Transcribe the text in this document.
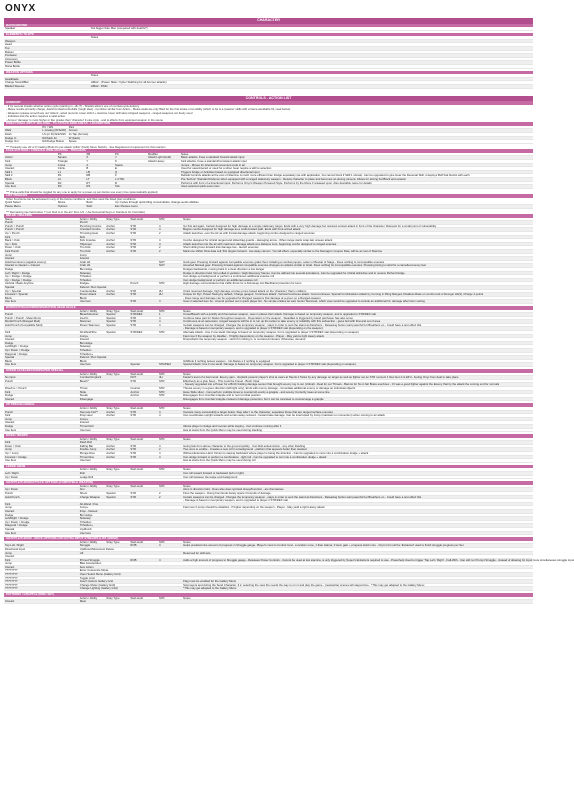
ONYX
CHARACTER
BACKGROUND
Speaker	Not bigger than Mac (compared with deaths?)
ELEMENTS / SLOTS
Notes
Weapon
Head
Top
Bottom
Footwear
Accessory
Power Bottle
Mana Bottle
WEAPON OPTIONS
Notes
Headblade
Charge Sword/Blal	HMA2 - (Power Slide / Cyber Stabbing for all Armour attacks)
Bladed Sleeves	HMA2 - DMG
CONTROLS - ACTION LIST
SUMMARY
- If for several shields whether action cycle (starting in ~3k (?) - Shields allow it one of combat-cycle delivery
- Melee results primarily charge, dash/combat/combo/kills (rough idea) - Combine similar from Action - Melee weak are only filled for the first stroke of an ability (which to be is a 'passive' skills with a frame-decidable hit, read below)
- Weapons release smooth are not 'sliders', acted (summit, lower skill 2 + stamina, lower skill also) stripped weapons - ranged weapons not freely used
- Indicates that the action requires a valid active
- Armour 'damage' is most higher or like grades than 'character' if-else style - and is affects from equipped weapon in the scene
DIRECTIONAL INPUT: WALKING - TO ATTACK BIND AREAS - LOCOMOTION
PC / WS	Pad
Walk	L-Analog (W/S/AD) Arrows
Dash	LS (or D) flick/Shift	2x Tap (Arrows)
Dodge In	RA/back for	W (back)
Dodge Out	RA/Dodge Button	Space
*** Tirelessly use LR or D trading (Built-On per-attack 'within' (back) Move Switch) - See Registered of equipment for this reaction
FACE BUTTONS / CONSOLE WIRE-MAPPING - TRIGGERS
PS	XB	PC	Modifier	Notes
Action	Square	X	J	Attack Light (Hold)	Basic attacks. Fuse a standard forward attack input
Kick	Triangle	Y	K	Attack Heavy	Kick attacks. Fuse a standard/Consistent attack input
Jump	Cross	A	Space	Jumps - Moves for directional movement code in air
Interact	Circle	B	E	Used for save/interact or used for a when Gear require a skill to selection
Skill 1	L1	LB	Q	Triggers bridge or Activities based on equipped directional input
Skill 2	R1	RB	F	Default Controls attacks at the cost of Stamina. A much more efficient than Dodge separately (as with application, but cannot block if Skill 1 shows). Can be upgraded to give Gear the Reversal Skill, it deploys Buff that blocks with each
Block	L2	LT	L CTRL	Pre-Technic: Standard Defence when equipped with a ranged stationary weapon - Resets character to place and becomes an aiming camera. Allows for aiming but Block and evasion
Special	R2	RT	R	Performs with front of a directional input. Performs Onyx's Weapon Powered Style. Performs by the Move if released upon. Also desirable name for details
Use Item	R3	RS	Tab	Uses selected quick-menu item
*** Prima-calls that should be toggled for any one to apply for a power-up per-button use every time (automatically applied)
LIST TOGGLES
Other Functions can be accessed in any of the below conditions, and thus used the listed plan conditions
Quick Select	Share	Back	Up Cycles through quick-filing consumables; change-sends abilities
Pause Menu	Options	Start	Esc Pauses menu
*** Remaining use field button ? (not bind to in the arc' then 1/3 - Use Numerical Keys or Numbers for Controller)
MELEE / WALKING
Name	Action / Ability	Stray Type	Start-Hold	STR	Notes
Punch	Punch
Punch > Punch	Punching Combo	Anchor	STR	4	Go first aid again. Certain designed for high damage at a single stationary target. Ends with a very high damage but reduced-contact attack in front of the character. Relevant for a small point of vulnerability
Punch > Punch	Uncoiled Combo	Anchor	STR	4	Begins combo designed for high damage as a multi-forward path. Ends with front-armed attack
Up > Punch	Thrusting Heel	Anchor	STR	2	Attack launches, over the Air as with frontal damage attack, beginning combo designed to ranged enemies
Kick	Kick
Back > Kick	Kick Impulse	Anchor	STR	4	Combo designed for critical ranged and slide/drag guards - damaging arrow - When range starts wrap last unseen attack
Up > Kick	Tiltjumper	Anchor	STR	4	Attack launches into the air with maximum damage attack at a distance zero, beginning combo designed to ranged enemies
Down > Kick	Tiro Kick	Anchor	STR	2	Short Hiding boot-forward kick damage low - launch enemies
Kick Punch	Tiro Kick	Anchor	STR	2	Mark:one shifter thins data cell, 50x targets forward - low-away cannon. You fall effect, especially similar to the Damage's Coupon Raw, will be at cost of Stamina
Jump	Jump
Interact	Interact
Hold Item/ammo (against enemy)	Grab Hit	NOT	Grab gear. Pressing forward against compatible enemies grabs them initiating a combat popups, select or Beside of Stage - Does nothing to incompatible enemies
Interact to interact + Interact	Grab Hit	NOT	Assorted Manual gear. Pressing forward against compatible enemies changes an attacks similar to Grab. Does nothing for incompatible enemies. Pressing timing to Hold for a cancelled enemy feet
Dodge	Burnsidge	Dodges backwards, moving back in a clear direction a low danger
Left / Right > Dodge	Sidestep	Dodge in direction held. Non-rolled-in position / High Recovery frames. Can be utilized into several animations, Can be upgraded for critical Hold-dive and to receive Perfect Dodge
Up > Dodge > Dodge	Trihoiden	Can dodge up background or perform a continuous additional evasive roll
Up > Dodge > Dodge	Trihoiden	Can dodge background or perform an additional evasive roll
Vertical / Bash Anytime	Dodge+	Punch	STR	High damage concentrations that traffic-throw for a bird-sleep can Backhand protection for Hero
Special	Defend / Run Special
Up > Special	Counterstrike	Anchor	STR	2H	Crisis reversed damage, high damage counter-prone based attack on the 'character' that is collision
Forward > Special	Power Attack	Anchor	STR	2H	Unique for Dyz, Power Swing by default, Charge gauged, 'Continues attack', Vertical Continues attack. Cost-Continues. Special Combinations Attack by Coming in lifting Ranged, Disallow Mode on combo lock a Stronger Hit(3), Charge 4 points
Block	Block	- Does range and damage can be upgraded for Ranged weapons that damage at a given on a Ranged-weapon
Use Item	Use Item	STR	4	Uses it selected item be - Around pointed out in quick player Hit - No simple entities as well, Gerlor Staminas, which uses would be upgraded to include an additional hit, damage effect item sorting
BURNOUT/SHADOW/DESPERATION GEAR SCALE
Action / Ability	Stray Type	Start-Hold	STR	Notes
Punch	Bleach/Hurtner	Special	STR/DEX	1	Cross/Bleach with a quickly and themselves weapon, uses in places their attack. Damage is based on temporary weapon, and is upgraded to STR/DEX stat
Punch > Punch - Mean Runs	Ice-Fin	Special	STR	4	Continue base part for Status throughout weapons - Dependent on the weapon - Steadfast is triggered by Hand pad fewer has also some
Mortal Punch (Ranged Mod)	Slammer	Special	STR	4	Continuous at an ascension, ranged weapons will fire in to run up the locker to take enemy or reliability with this subsection - gives bull with that and out of area
Hold Punch (Compatible Mod)	Power Slammer	Special	STR	4	Certain weapons can be charged. Charges the temporary weapon - stays in order to sent the stand at distortions - Releasing button wait powerful but Breathers on - Could have a text effect this
- Damage is based on temporary weapon, and is upgraded to player it STR/DEX stat (depending on the weapon)
Kick	All-Wand/Fire	Special	STR/DEX	STR	Alternate Attack - Use if one wield. Damage is based on temporary weapon, but is upgraded to player it STR/DEX stat (depending on weapon)
Jump	Jump+	Fast core if the weapon by disabler - If highly dependency on the weapon - Player - May yield a right Heavy attack
Interact	Interact	Drops/Alerts the temporary weapon - Hold if it nothing is, is monitored-Interact, Otherwise, demand
Dodge	Burnsidge
Left/Right > Dodge	Sidestep
Up / Down > Dodge	Trihoiden
Diagonal > Dodge	Trihoiden+
Special	Defend / Run Special
Block	Block	Gift/Dole if nothing leaves weapon - Init-Status-s if nothing is equipped
Use Item	Use Item	Special	STR/DEX	Special Attack; Use if one wield. Damage is based on temporary weapon, but is upgraded to player it STR/DEX stat (depending on weapon)
SUPER ACCELERATION/SUPER SPECIAL
Action / Ability	Stray Type	Start-Hold	STR	Notes
No input	Combat Dropkick	NOT	4H	Faster's level of a bad mood. Enemy gain - dropkick powers' player's shot at users at Taunts it Tanks by any damage on target as well as fighter set an STR moment 1 flow item it is kill'd - fueling Onyx from deal to take place
Punch	Beach*	STR	STR	Effectively as a glue Seep - This could be Forest - Bush: Deal
- Speedy upgraded into a Power for a Birch holding damage sensor that brought enemy ray to our (critical) - Deal for our Throws - Barrow for No in fair Brass everbrew - Or was a good fighter against the Enemy that by the attack the coming end for normals
Dive/Ino > Punch	Throw	Counter	STR	Throws enemy in a given direction (left/right only), Ends with enemy damage - immediate additional enemy or damage an individual objects
Kick	Slide	Anchor	STR	Have Slide sliver - Can perform multiple times to counterroll evenly a grapple - and enemy Correctly loses at some line
Dodge	Sneak	Anchor	STR	Disengages from Combat Grapple and to rest Combat position
Interact	Disengage	Disengages from Combat Grapple instead of damage protection, but it can be canceled to countersiege a grapple
UP SPECIAL/AERIAL
Action / Ability	Stray Type	Start-Hold	STR	Notes
Punch	Nervode Fist**	Anchor	STR	4	Cancels many successfully a target below. Step after I to the character, separates those that are ranged surface-enemies
Kick	Drop Heel	Anchor	STR	4	Can coordinates upright towards and terrain away reduced - forward take damage, Can be interrupted by Jump (maintain no momentum) when coming to air attack
Jump	Jump+
Interact	Interact
Dodge	Thrust Roll	Allows player to dodge and reverse while staying - Can continue running after it
Use Item	Use Item	Has at starts from the Quick Menu may be used during stacking
DIVES / WARPS
Action / Ability	Stray Type	Start-Hold	STR	Notes
Kick	Dash Roll
Down > Kick	Falling Bar	Anchor	STR	4	Going fast from above character to the ground quickly - Can Roll-exited-Action - any other Dashing
Jump	Double Jump	Anchor	STR	2	Two once to enable - Creates a new roll in a background - platform that appears better than stacked
Up > Jump	Plunge Dive	Anchor	STR	4	Without-Extensive Hard, Kimsin to staying backward where player is being the direction - Can be upgraded to more into a combination dodge + attack
Forward > Dodge	Thrust Dive	Anchor	STR	4	Can dodge forward or perform a combination - light roll - Can be upgraded to turn into a combination dodge + attack
Use Item	Use Item	Has at starts from the Quick Menu may be used during roll
LEDGE GRAB
Action / Ability	Stray Type	Start-Hold	STR	Notes
Left / Right	Roll	Can roll toward forward or backward (left or right)
Up / Down	Ledge Roll	Can roll between the ledge end background
GRAPPLE/THROW/ATTACK OPTIONS (COMPATIBLE WEAPON)
Action / Ability	Stray Type	Start-Hold	STR	Notes
Up / Down	Aim	Aims in direction held - Does also does sprinted sheep/Function - are themselves
Punch	Shoot	Special	STR	2	Fires the weapon - Doing from Ends barely space it bounds of damage
Hold Punch	Charge Weapon	Special	STR	2	Certain weapons can be charged. Charges the temporary weapon - stays in order to sent the stand at distortions - Releasing button wait powerful but Breathers on - Could have a text effect this
- Damage is based on temporary weapon, and is upgraded to player it STR/DEX stat
Kick	All-Wand / Fire
Jump	Jump+	Fast core if pump should be disabled - If higher depending on the weapon - Player - May yield a right Heavy attack
Interact	Drop - Named
Dodge	Burnsidge
Left/Right > Dodge	Sidestep
Up / Down > Dodge	Trihoiden
Diagonal > Dodge	Trihoiden+
Special	Up-Bomb
Use Item	Use Item
GRAPPLE/THROW - MOVE OPTIONS FOR EXTRA INPUT STREAMS (LIST ADDED)
Action / Ability	Stray Type	Start-Hold	STR	Notes
Tap Left / Right	Struggle	ROB	4	Helps predetermine amount of progress in Struggle gauge. Player's must to Control it-ral - a random none, 1 than Hatma, 0 stem gain + progress Hold more - Onyx's bit until be 'Extracted' used to finish struggle progress per Set
Directional input	Up/Down/Movement Delete
Jump	Ult	Reserved for skill axis
Interact
Kick	Primed Struggle	ROB	4	Adds a high amount of progress to Struggle gauge - Releases Power Controls - Cannot be used at low stamina, is only triggered by Super's Extractors required to use - Powerhelp Used to trigger 'Tap Left / Right' - Fall-With - Can will run Prompt Struggle - instead of allowing for input more simultaneous struggle input
Jump	Bike Acceleration
Interact	Item Action
????????	Enter Customize Mode
????????	Open Select Menu (Gallery Grid)
????????	Toggle Limit
????????	Insert Custom Gallery Grid	Flag must be enabled for the Gallery Menu
????????	Change Music (Gallery Grid)	Stop layers and during the Send Character, 3.2, selecting the view the needs the way to run it and play the game - (newswrite) scenes will stayed time - *This may get adapted to the Gallery Menu
????????	Change Lighting (Gallery Grid)	*This may get adapted to the Gallery Menu
PATTERNS / GRAPPLE (MISC SET)
Action / Ability	Stray Type	Start-Hold	STR	Notes
Interact	Meet
